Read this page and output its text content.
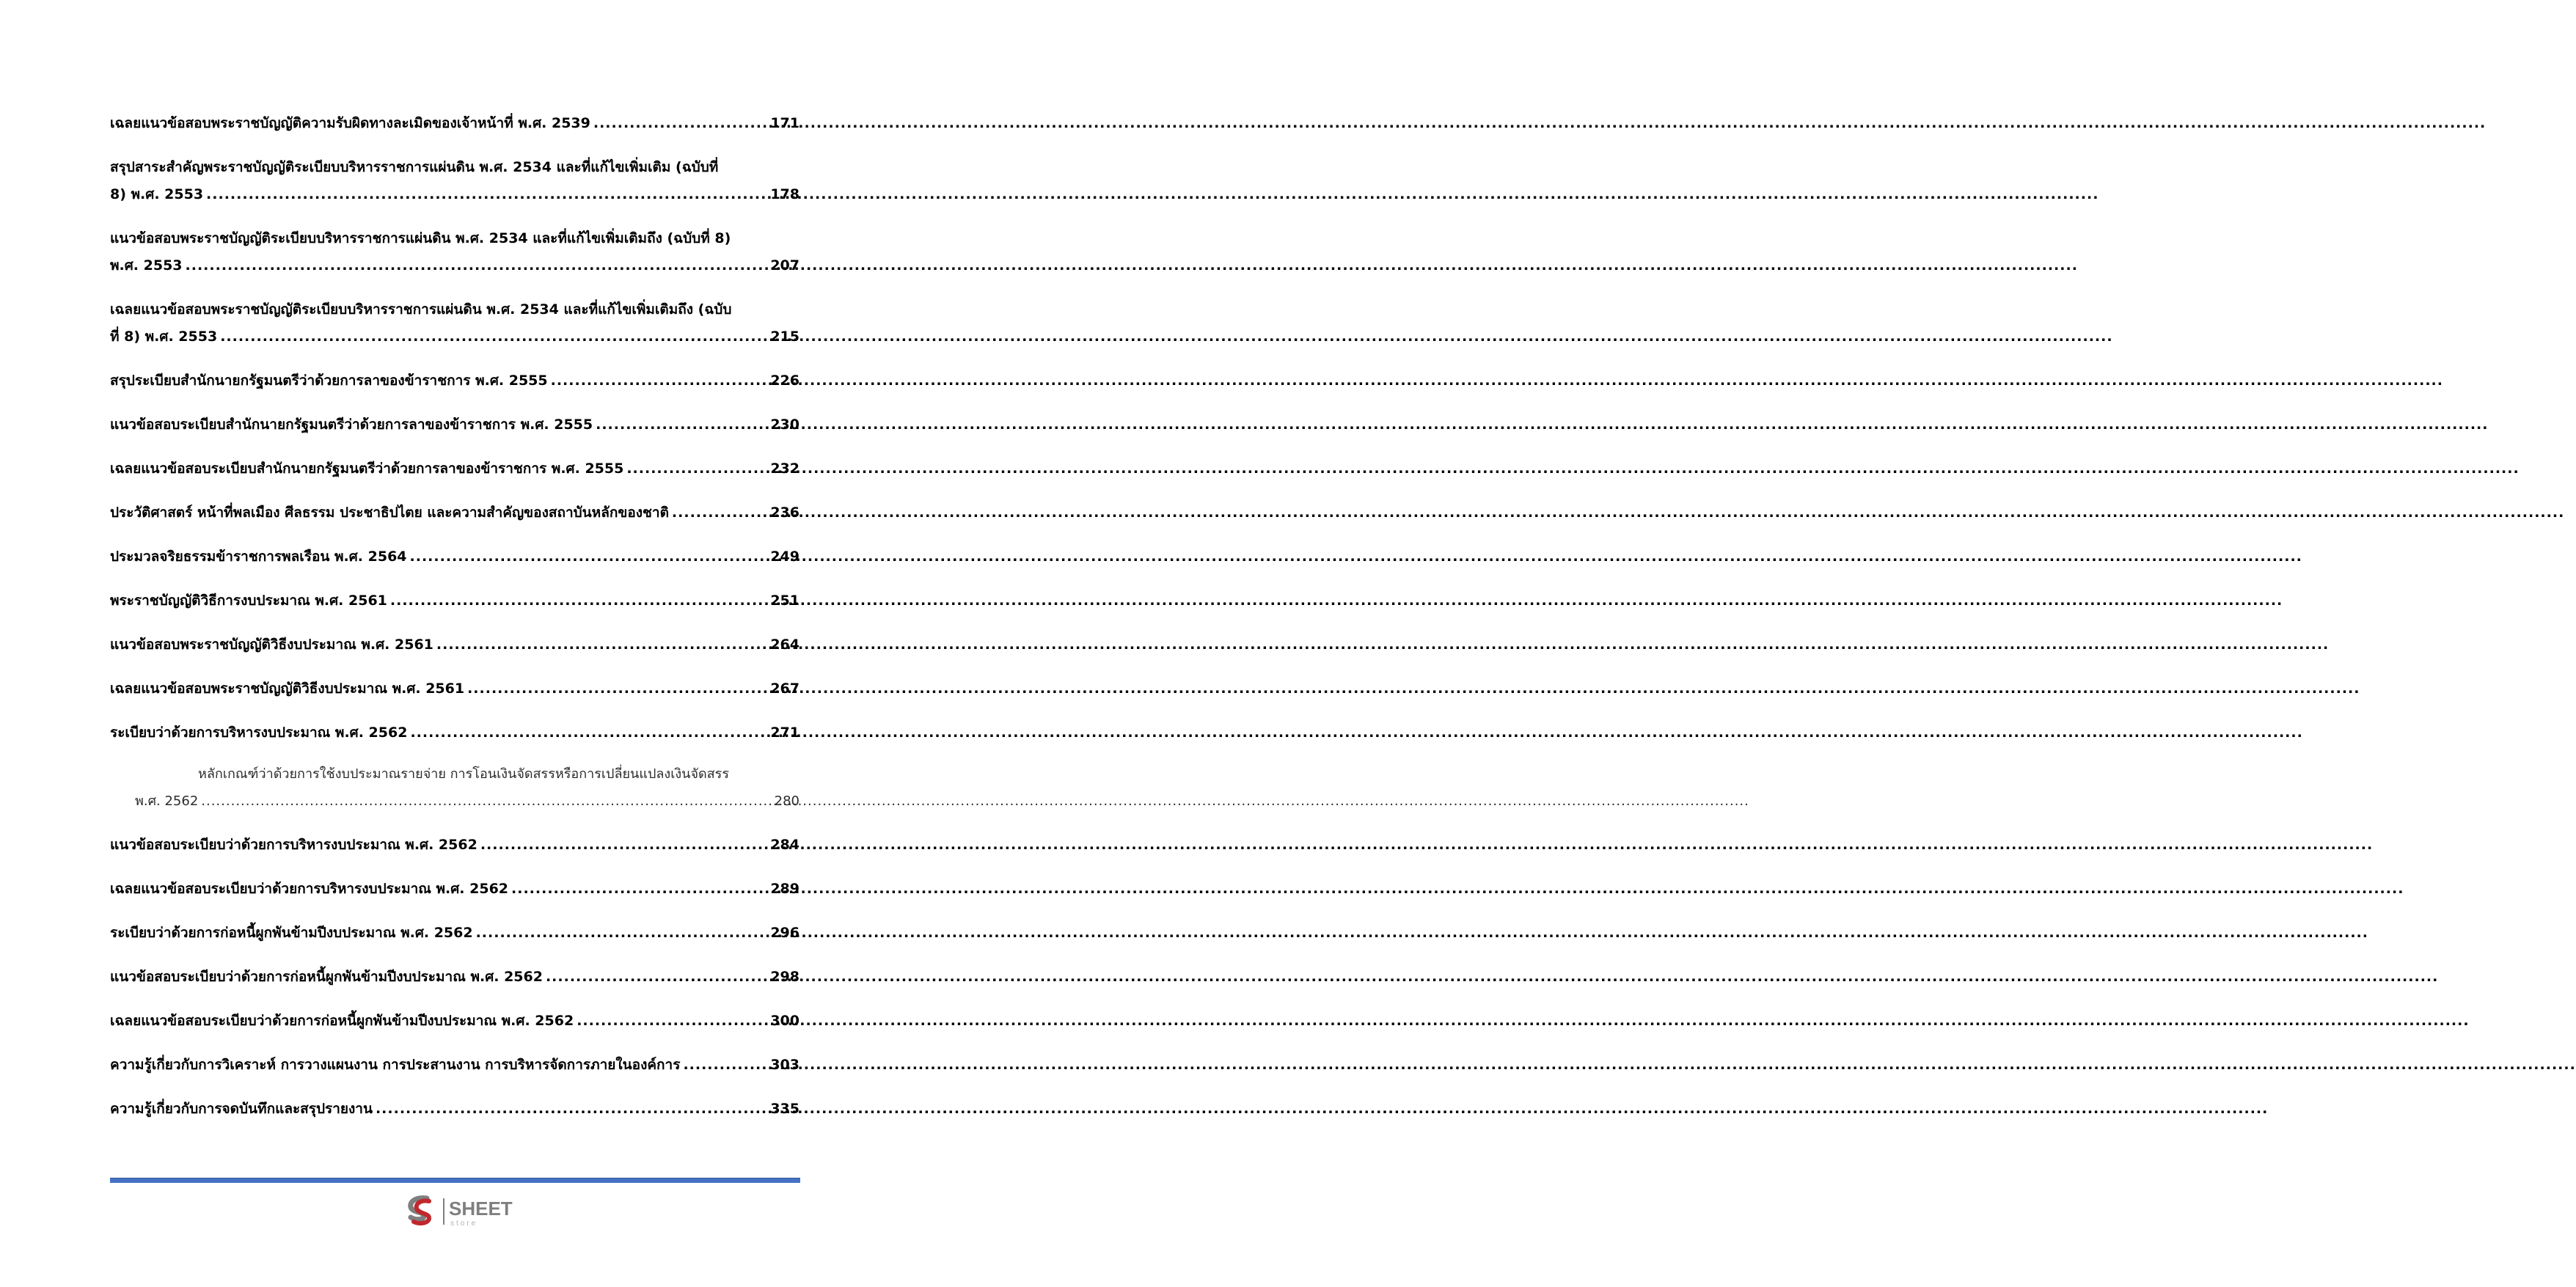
เฉลยแนวข้อสอบพระราชบัญญัติความรับผิดทางละเมิดของเจ้าหน้าที่ พ.ศ. 2539 .....	171
สรุปสาระสำคัญพระราชบัญญัติระเบียบบริหารราชการแผ่นดิน พ.ศ. 2534 และที่แก้ไขเพิ่มเติม (ฉบับที่
8) พ.ศ. 2553 .....	178
แนวข้อสอบพระราชบัญญัติระเบียบบริหารราชการแผ่นดิน พ.ศ. 2534 และที่แก้ไขเพิ่มเติมถึง (ฉบับที่ 8)
พ.ศ. 2553 .....	207
เฉลยแนวข้อสอบพระราชบัญญัติระเบียบบริหารราชการแผ่นดิน พ.ศ. 2534 และที่แก้ไขเพิ่มเติมถึง (ฉบับ
ที่ 8) พ.ศ. 2553 .....	215
สรุประเบียบสำนักนายกรัฐมนตรีว่าด้วยการลาของข้าราชการ พ.ศ. 2555 .....	226
แนวข้อสอบระเบียบสำนักนายกรัฐมนตรีว่าด้วยการลาของข้าราชการ พ.ศ. 2555 .....	230
เฉลยแนวข้อสอบระเบียบสำนักนายกรัฐมนตรีว่าด้วยการลาของข้าราชการ พ.ศ. 2555 .....	232
ประวัติศาสตร์ หน้าที่พลเมือง ศีลธรรม ประชาธิปไตย และความสำคัญของสถาบันหลักของชาติ .....	236
ประมวลจริยธรรมข้าราชการพลเรือน พ.ศ. 2564 .....	249
พระราชบัญญัติวิธีการงบประมาณ พ.ศ. 2561 .....	251
แนวข้อสอบพระราชบัญญัติวิธีงบประมาณ พ.ศ. 2561 .....	264
เฉลยแนวข้อสอบพระราชบัญญัติวิธีงบประมาณ พ.ศ. 2561 .....	267
ระเบียบว่าด้วยการบริหารงบประมาณ พ.ศ. 2562 .....	271
หลักเกณฑ์ว่าด้วยการใช้งบประมาณรายจ่าย การโอนเงินจัดสรรหรือการเปลี่ยนแปลงเงินจัดสรร
พ.ศ. 2562 .....	280
แนวข้อสอบระเบียบว่าด้วยการบริหารงบประมาณ พ.ศ. 2562 .....	284
เฉลยแนวข้อสอบระเบียบว่าด้วยการบริหารงบประมาณ พ.ศ. 2562 .....	289
ระเบียบว่าด้วยการก่อหนี้ผูกพันข้ามปีงบประมาณ พ.ศ. 2562 .....	296
แนวข้อสอบระเบียบว่าด้วยการก่อหนี้ผูกพันข้ามปีงบประมาณ พ.ศ. 2562 .....	298
เฉลยแนวข้อสอบระเบียบว่าด้วยการก่อหนี้ผูกพันข้ามปีงบประมาณ พ.ศ. 2562 .....	300
ความรู้เกี่ยวกับการวิเคราะห์ การวางแผนงาน การประสานงาน การบริหารจัดการภายในองค์การ .....	303
ความรู้เกี่ยวกับการจดบันทึกและสรุปรายงาน .....	335
SHEET
store
